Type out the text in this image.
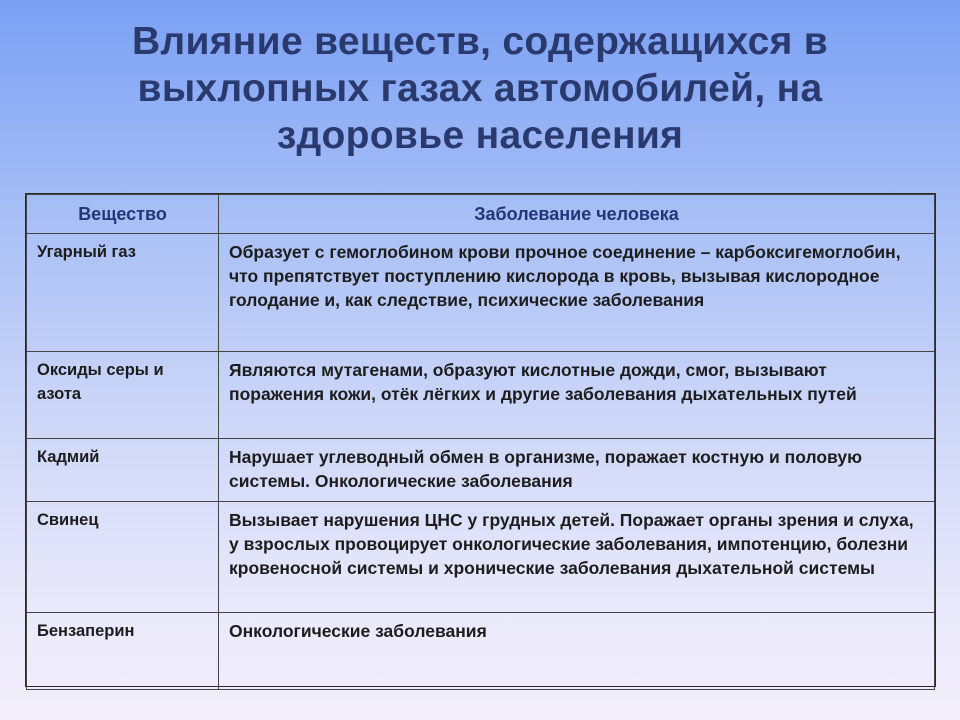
Влияние веществ, содержащихся в выхлопных газах автомобилей, на здоровье населения
Вещество	Заболевание человека
Угарный газ	Образует с гемоглобином крови прочное соединение – карбоксигемоглобин, что препятствует поступлению кислорода в кровь, вызывая кислородное голодание и, как следствие, психические заболевания
Оксиды серы и азота	Являются мутагенами, образуют кислотные дожди, смог, вызывают поражения кожи, отёк лёгких и другие заболевания дыхательных путей
Кадмий	Нарушает углеводный обмен в организме, поражает костную и половую системы. Онкологические заболевания
Свинец	Вызывает нарушения ЦНС у грудных детей. Поражает органы зрения и слуха, у взрослых провоцирует онкологические заболевания, импотенцию, болезни кровеносной системы и хронические заболевания дыхательной системы
Бензаперин	Онкологические заболевания
